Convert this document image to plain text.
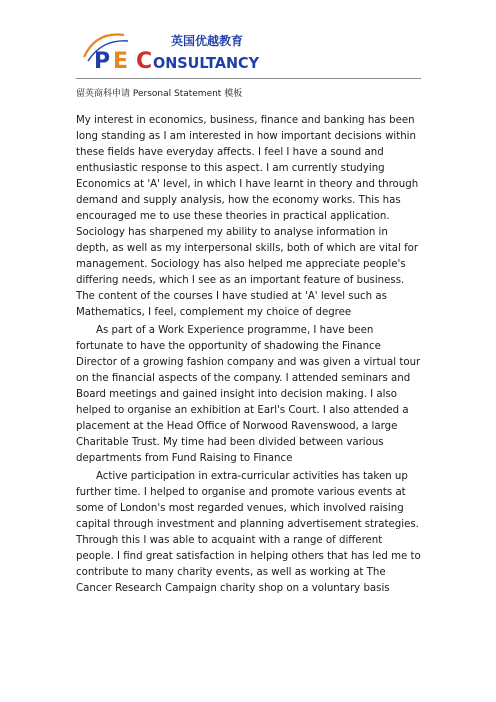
英国优越教育
P E C ONSULTANCY
留英商科申请 Personal Statement 模板

My interest in economics, business, finance and banking has been long standing as I am interested in how important decisions within these fields have everyday affects. I feel I have a sound and enthusiastic response to this aspect. I am currently studying Economics at 'A' level, in which I have learnt in theory and through demand and supply analysis, how the economy works. This has encouraged me to use these theories in practical application. Sociology has sharpened my ability to analyse information in depth, as well as my interpersonal skills, both of which are vital for management. Sociology has also helped me appreciate people's differing needs, which I see as an important feature of business. The content of the courses I have studied at 'A' level such as Mathematics, I feel, complement my choice of degree

As part of a Work Experience programme, I have been fortunate to have the opportunity of shadowing the Finance Director of a growing fashion company and was given a virtual tour on the financial aspects of the company. I attended seminars and Board meetings and gained insight into decision making. I also helped to organise an exhibition at Earl's Court. I also attended a placement at the Head Office of Norwood Ravenswood, a large Charitable Trust. My time had been divided between various departments from Fund Raising to Finance

Active participation in extra-curricular activities has taken up further time. I helped to organise and promote various events at some of London's most regarded venues, which involved raising capital through investment and planning advertisement strategies. Through this I was able to acquaint with a range of different people. I find great satisfaction in helping others that has led me to contribute to many charity events, as well as working at The Cancer Research Campaign charity shop on a voluntary basis
